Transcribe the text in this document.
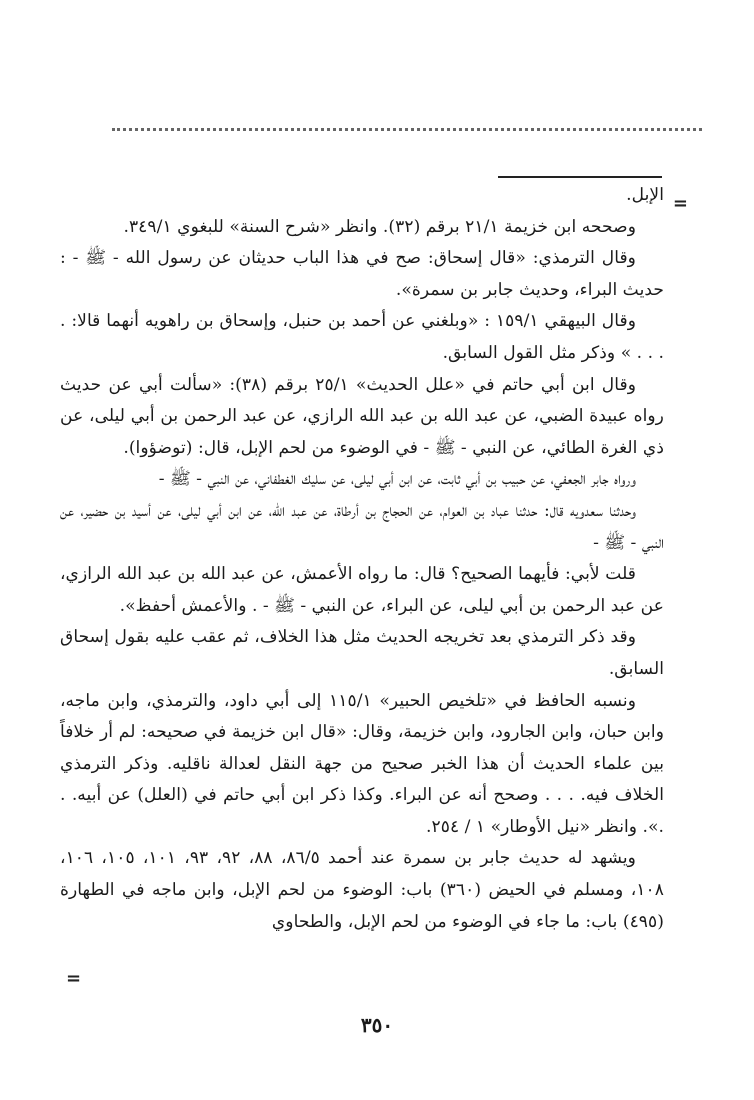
=
=

الإبل.

وصححه ابن خزيمة ٢١/١ برقم (٣٢). وانظر «شرح السنة» للبغوي ٣٤٩/١.

وقال الترمذي: «قال إسحاق: صح في هذا الباب حديثان عن رسول الله - ﷺ - : حديث البراء، وحديث جابر بن سمرة».

وقال البيهقي ١٥٩/١ : «وبلغني عن أحمد بن حنبل، وإسحاق بن راهويه أنهما قالا: . . . . » وذكر مثل القول السابق.

وقال ابن أبي حاتم في «علل الحديث» ٢٥/١ برقم (٣٨): «سألت أبي عن حديث رواه عبيدة الضبي، عن عبد الله بن عبد الله الرازي، عن عبد الرحمن بن أبي ليلى، عن ذي الغرة الطائي، عن النبي - ﷺ - في الوضوء من لحم الإبل، قال: (توضؤوا).

ورواه جابر الجعفي، عن حبيب بن أبي ثابت، عن ابن أبي ليلى، عن سليك الغطفاني، عن النبي - ﷺ -

وحدثنا سعدويه قال: حدثنا عباد بن العوام، عن الحجاج بن أرطاة، عن عبد الله، عن ابن أبي ليلى، عن أسيد بن حضير، عن النبي - ﷺ -

قلت لأبي: فأيهما الصحيح؟ قال: ما رواه الأعمش، عن عبد الله بن عبد الله الرازي، عن عبد الرحمن بن أبي ليلى، عن البراء، عن النبي - ﷺ - . والأعمش أحفظ».

وقد ذكر الترمذي بعد تخريجه الحديث مثل هذا الخلاف، ثم عقب عليه بقول إسحاق السابق.

ونسبه الحافظ في «تلخيص الحبير» ١١٥/١ إلى أبي داود، والترمذي، وابن ماجه، وابن حبان، وابن الجارود، وابن خزيمة، وقال: «قال ابن خزيمة في صحيحه: لم أر خلافاً بين علماء الحديث أن هذا الخبر صحيح من جهة النقل لعدالة ناقليه. وذكر الترمذي الخلاف فيه. . . . وصحح أنه عن البراء. وكذا ذكر ابن أبي حاتم في (العلل) عن أبيه. . .». وانظر «نيل الأوطار» ١ / ٢٥٤.

ويشهد له حديث جابر بن سمرة عند أحمد ٨٦/٥، ٨٨، ٩٢، ٩٣، ١٠١، ١٠٥، ١٠٦، ١٠٨، ومسلم في الحيض (٣٦٠) باب: الوضوء من لحم الإبل، وابن ماجه في الطهارة (٤٩٥) باب: ما جاء في الوضوء من لحم الإبل، والطحاوي

٣٥٠
